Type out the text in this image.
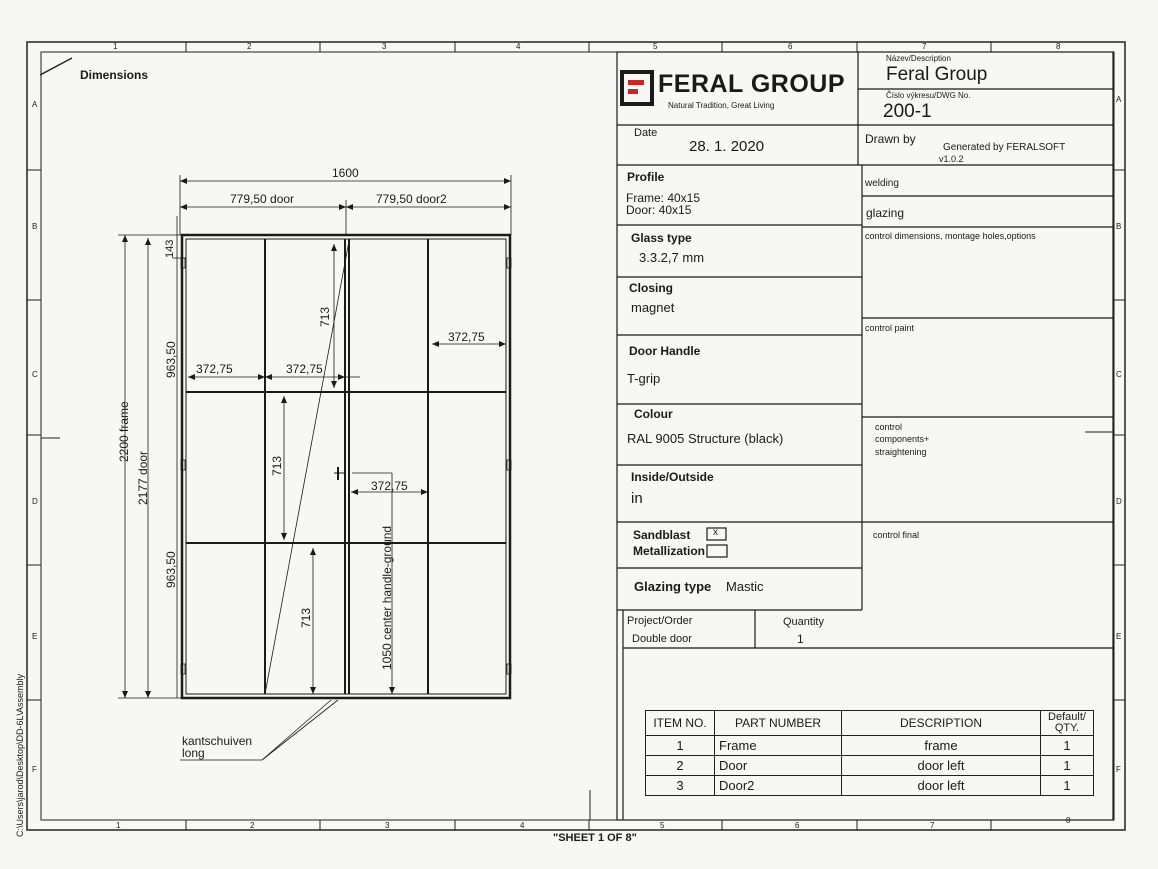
1	2	3	4	5	6	7	8
1	2	3	4	5	6	7
8
A
B
C
D
E
F
A
B
C
D
E
F
C:\Users\jarod\Desktop\DD-6L\Assembly
"SHEET 1 OF 8"
Dimensions
1600
779,50 door	779,50 door2
372,75	372,75
372,75
372,75
2200 frame
2177 door
143
963,50
963,50
713
713
713	1050 center handle-ground
kantschuiven
long
FERAL GROUP
Natural Tradition, Great Living
Název/Description
Feral Group
Číslo výkresu/DWG No.
200-1
Date
28. 1. 2020	Drawn by
Generated by FERALSOFT
v1.0.2
Profile
Frame: 40x15
Door: 40x15
Glass type
3.3.2,7 mm
Closing
magnet
Door Handle
T-grip
Colour
RAL 9005 Structure (black)
Inside/Outside
in
Sandblast x
Metallization
Glazing type Mastic
Project/Order
Double door
Quantity
1
welding
glazing
control dimensions, montage holes,options
control paint
control
components+
straightening
control final
ITEM NO.	PART NUMBER	DESCRIPTION	Default/
QTY.
1	Frame	frame	1
2	Door	door left	1
3	Door2	door left	1
